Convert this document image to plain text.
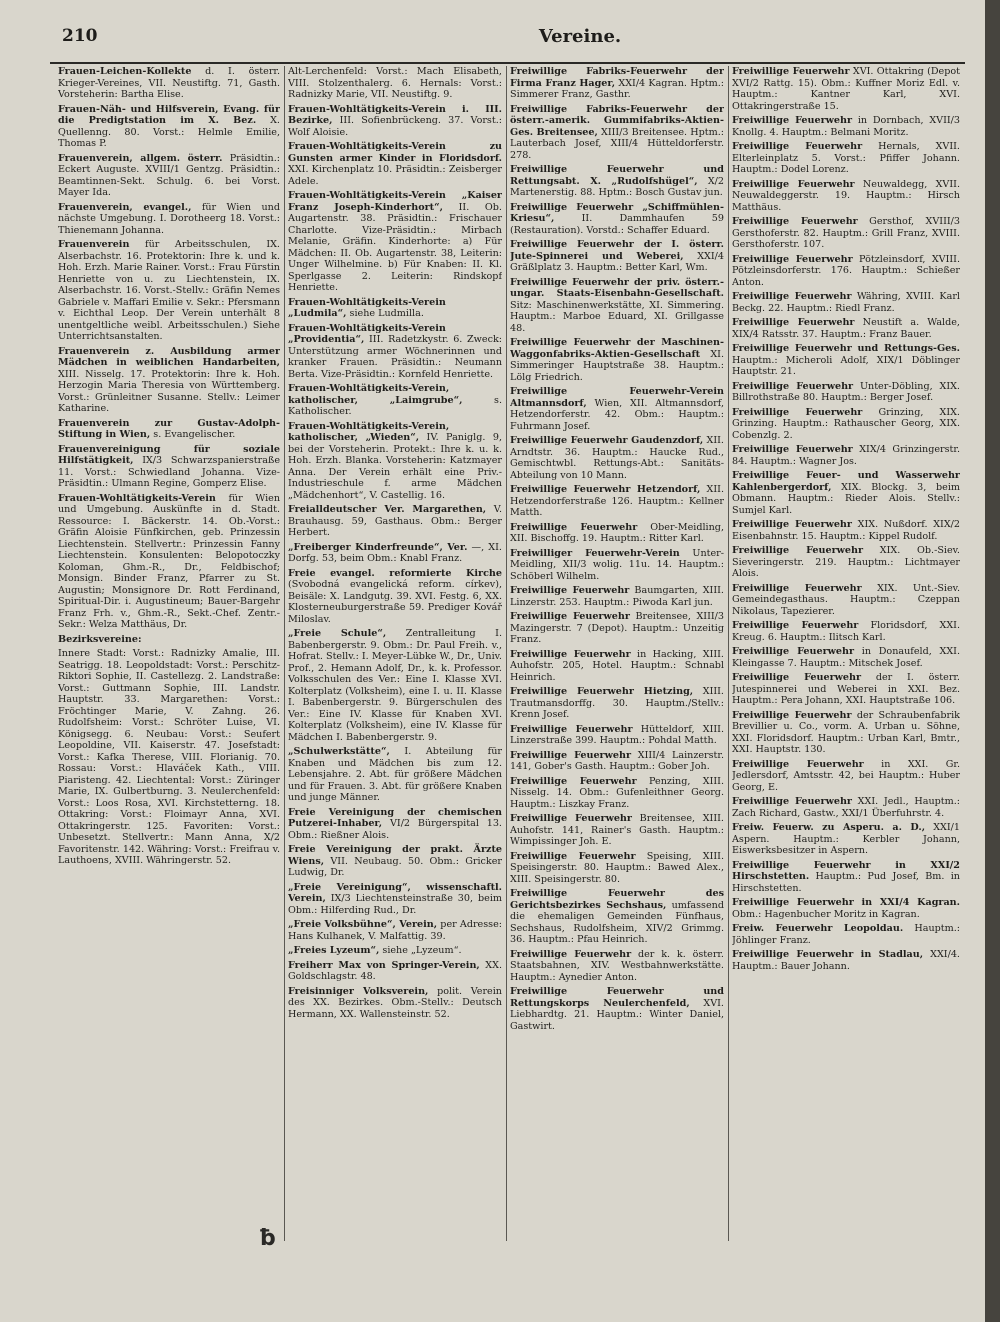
210	Vereine.

Frauen-Leichen-Kollekte d. I. österr. Krieger-Vereines, VII. Neustiftg. 71, Gasth. Vorsteherin: Bartha Elise.

Frauen-Näh- und Hilfsverein, Evang. für die Predigtstation im X. Bez. X. Quellenng. 80. Vorst.: Helmle Emilie, Thomas P.

Frauenverein, allgem. österr. Präsidtin.: Eckert Auguste. XVIII/1 Gentzg. Präsidtin.: Beamtinnen-Sekt. Schulg. 6. bei Vorst. Mayer Ida.

Frauenverein, evangel., für Wien und nächste Umgebung. I. Dorotheerg 18. Vorst.: Thienemann Johanna.

Frauenverein für Arbeitsschulen, IX. Alserbachstr. 16. Protektorin: Ihre k. und k. Hoh. Erzh. Marie Rainer. Vorst.: Frau Fürstin Henriette von u. zu Liechtenstein, IX. Alserbachstr. 16. Vorst.-Stellv.: Gräfin Nemes Gabriele v. Maffari Emilie v. Sekr.: Pfersmann v. Eichthal Leop. Der Verein unterhält 8 unentgeltliche weibl. Arbeitsschulen.) Siehe Unterrichtsanstalten.

Frauenverein z. Ausbildung armer Mädchen in weiblichen Handarbeiten, XIII. Nisselg. 17. Protektorin: Ihre k. Hoh. Herzogin Maria Theresia von Württemberg. Vorst.: Grünleitner Susanne. Stellv.: Leimer Katharine.

Frauenverein zur Gustav-Adolph-Stiftung in Wien, s. Evangelischer.

Frauenvereinigung für soziale Hilfstätigkeit, IX/3 Schwarzspanierstraße 11. Vorst.: Schwiedland Johanna. Vize-Präsidtin.: Ulmann Regine, Gomperz Elise.

Frauen-Wohltätigkeits-Verein für Wien und Umgebung. Auskünfte in d. Stadt. Ressource: I. Bäckerstr. 14. Ob.-Vorst.: Gräfin Aloisie Fünfkirchen, geb. Prinzessin Liechtenstein. Stellvertr.: Prinzessin Fanny Liechtenstein. Konsulenten: Belopotoczky Koloman, Ghm.-R., Dr., Feldbischof; Monsign. Binder Franz, Pfarrer zu St. Augustin; Monsignore Dr. Rott Ferdinand, Spiritual-Dir. i. Augustineum; Bauer-Bargehr Franz Frh. v., Ghm.-R., Sekt.-Chef. Zentr.-Sekr.: Welza Matthäus, Dr.

Bezirksvereine:

Innere Stadt: Vorst.: Radnizky Amalie, III. Seatrigg. 18. Leopoldstadt: Vorst.: Perschitz-Riktori Sophie, II. Castellezg. 2. Landstraße: Vorst.: Guttmann Sophie, III. Landstr. Hauptstr. 33. Margarethen: Vorst.: Fröchtinger Marie, V. Zahng. 26. Rudolfsheim: Vorst.: Schröter Luise, VI. Königsegg. 6. Neubau: Vorst.: Seufert Leopoldine, VII. Kaiserstr. 47. Josefstadt: Vorst.: Kafka Therese, VIII. Florianig. 70. Rossau: Vorst.: Hlaváček Kath., VIII. Piaristeng. 42. Liechtental: Vorst.: Züringer Marie, IX. Gulbertburng. 3. Neulerchenfeld: Vorst.: Loos Rosa, XVI. Kirchstetterng. 18. Ottakring: Vorst.: Floimayr Anna, XVI. Ottakringerstr. 125. Favoriten: Vorst.: Unbesetzt. Stellvertr.: Mann Anna, X/2 Favoritenstr. 142. Währing: Vorst.: Freifrau v. Lauthoens, XVIII. Währingerstr. 52.

Alt-Lerchenfeld: Vorst.: Mach Elisabeth, VIII. Stolzenthalerg. 6. Hernals: Vorst.: Radnizky Marie, VII. Neustiftg. 9.

Frauen-Wohltätigkeits-Verein i. III. Bezirke, III. Sofienbrückeng. 37. Vorst.: Wolf Aloisie.

Frauen-Wohltätigkeits-Verein zu Gunsten armer Kinder in Floridsdorf. XXI. Kirchenplatz 10. Präsidtin.: Zeisberger Adele.

Frauen-Wohltätigkeits-Verein „Kaiser Franz Joseph-Kinderhort“, II. Ob. Augartenstr. 38. Präsidtin.: Frischauer Charlotte. Vize-Präsidtin.: Mirbach Melanie, Gräfin. Kinderhorte: a) Für Mädchen: II. Ob. Augartenstr. 38, Leiterin: Unger Wilhelmine. b) Für Knaben: II. Kl. Sperlgasse 2. Leiterin: Rindskopf Henriette.

Frauen-Wohltätigkeits-Verein „Ludmila“, siehe Ludmilla.

Frauen-Wohltätigkeits-Verein „Providentia“, III. Radetzkystr. 6. Zweck: Unterstützung armer Wöchnerinnen und kranker Frauen. Präsidtin.: Neumann Berta. Vize-Präsidtin.: Kornfeld Henriette.

Frauen-Wohltätigkeits-Verein, katholischer, „Laimgrube“,	s. Katholischer.

Frauen-Wohltätigkeits-Verein, katholischer, „Wieden“, IV. Paniglg. 9, bei der Vorsteherin. Protekt.: Ihre k. u. k. Hoh. Erzh. Blanka. Vorsteherin: Katzmayer Anna. Der Verein erhält eine Priv.-Industrieschule f. arme Mädchen „Mädchenhort“, V. Castellig. 16.

Freialldeutscher Ver. Margarethen, V. Brauhausg. 59, Gasthaus. Obm.: Berger Herbert.

„Freiberger Kinderfreunde“, Ver. —, XI. Dorfg. 53, beim Obm.: Knabl Franz.

Freie evangel. reformierte Kirche (Svobodná evangelická reform. církev), Beisäle: X. Landgutg. 39. XVI. Festg. 6, XX. Klosterneuburgerstraße 59. Prediger Kovář Miloslav.

„Freie Schule“, Zentralleitung I. Babenbergerstr. 9. Obm.: Dr. Paul Freih. v., Hofrat. Stellv.: I. Meyer-Lübke W., Dr., Univ. Prof., 2. Hemann Adolf, Dr., k. k. Professor. Volksschulen des Ver.: Eine I. Klasse XVI. Kolterplatz (Volksheim), eine I. u. II. Klasse I. Babenbergerstr. 9. Bürgerschulen des Ver.: Eine IV. Klasse für Knaben XVI. Kolterplatz (Volksheim), eine IV. Klasse für Mädchen I. Babenbergerstr. 9.

„Schulwerkstätte“, I. Abteilung für Knaben und Mädchen bis zum 12. Lebensjahre. 2. Abt. für größere Mädchen und für Frauen. 3. Abt. für größere Knaben und junge Männer.

Freie Vereinigung der chemischen Putzerei-Inhaber, VI/2 Bürgerspital 13. Obm.: Rießner Alois.

Freie Vereinigung der prakt. Ärzte Wiens, VII. Neubaug. 50. Obm.: Gricker Ludwig, Dr.

„Freie Vereinigung“, wissenschaftl. Verein, IX/3 Liechtensteinstraße 30, beim Obm.: Hilferding Rud., Dr.

„Freie Volksbühne“, Verein, per Adresse: Hans Kulhanek, V. Malfattig. 39.

„Freies Lyzeum“, siehe „Lyzeum“.

Freiherr Max von Springer-Verein, XX. Goldschlagstr. 48.

Freisinniger Volksverein, polit. Verein des XX. Bezirkes. Obm.-Stellv.: Deutsch Hermann, XX. Wallensteinstr. 52.

Freiwillige Fabriks-Feuerwehr der Firma Franz Hager, XXI/4 Kagran. Hptm.: Simmerer Franz, Gasthr.

Freiwillige Fabriks-Feuerwehr der österr.-amerik. Gummifabriks-Aktien-Ges. Breitensee, XIII/3 Breitensee. Hptm.: Lauterbach Josef, XIII/4 Hütteldorferstr. 278.

Freiwillige Feuerwehr und Rettungsabt. X. „Rudolfshügel“, X/2 Martenerstig. 88. Hptm.: Bosch Gustav jun.

Freiwillige Feuerwehr „Schiffmühlen-Kriesu“,	II. Dammhaufen 59 (Restauration). Vorstd.: Schaffer Eduard.

Freiwillige Feuerwehr der I. österr. Jute-Spinnerei und Weberei, XXI/4 Gräßlplatz 3. Hauptm.: Better Karl, Wm.

Freiwillige Feuerwehr der priv. österr.-ungar. Staats-Eisenbahn-Gesellschaft. Sitz: Maschinenwerkstätte, XI. Simmering. Hauptm.: Marboe Eduard, XI. Grillgasse 48.

Freiwillige Feuerwehr der Maschinen-Waggonfabriks-Aktien-Gesellschaft XI. Simmeringer Hauptstraße 38. Hauptm.: Lölg Friedrich.

Freiwillige Feuerwehr-Verein Altmannsdorf, Wien, XII. Altmannsdorf, Hetzendorferstr. 42. Obm.: Hauptm.: Fuhrmann Josef.

Freiwillige Feuerwehr Gaudenzdorf, XII. Arndtstr. 36. Hauptm.: Haucke Rud., Gemischtwbl. Rettungs-Abt.: Sanitäts-Abteilung von 10 Mann.

Freiwillige Feuerwehr Hetzendorf, XII. Hetzendorferstraße 126. Hauptm.: Kellner Matth.

Freiwillige Feuerwehr Ober-Meidling, XII. Bischoffg. 19. Hauptm.: Ritter Karl.

Freiwilliger Feuerwehr-Verein Unter-Meidling, XII/3 wolig. 11u. 14. Hauptm.: Schöberl Wilhelm.

Freiwillige Feuerwehr Baumgarten, XIII. Linzerstr. 253. Hauptm.: Piwoda Karl jun.

Freiwillige Feuerwehr Breitensee, XIII/3 Mazingerstr. 7 (Depot). Hauptm.: Unzeitig Franz.

Freiwillige Feuerwehr in Hacking, XIII. Auhofstr. 205, Hotel. Hauptm.: Schnabl Heinrich.

Freiwillige Feuerwehr Hietzing, XIII. Trautmansdorffg. 30. Hauptm./Stellv.: Krenn Josef.

Freiwillige Feuerwehr Hütteldorf, XIII. Linzerstraße 399. Hauptm.: Pohdal Matth.

Freiwillige Feuerwehr XIII/4 Lainzerstr. 141, Gober's Gasth. Hauptm.: Gober Joh.

Freiwillige Feuerwehr Penzing, XIII. Nisselg. 14. Obm.: Gufenleithner Georg. Hauptm.: Liszkay Franz.

Freiwillige Feuerwehr Breitensee, XIII. Auhofstr. 141, Rainer's Gasth. Hauptm.: Wimpissinger Joh. E.

Freiwillige Feuerwehr Speising, XIII. Speisingerstr. 80. Hauptm.: Bawed Alex., XIII. Speisingerstr. 80.

Freiwillige Feuerwehr des Gerichtsbezirkes Sechshaus, umfassend die ehemaligen Gemeinden Fünfhaus, Sechshaus, Rudolfsheim, XIV/2 Grimmg. 36. Hauptm.: Pfau Heinrich.

Freiwillige Feuerwehr der k. k. österr. Staatsbahnen, XIV. Westbahnwerkstätte. Hauptm.: Aynedier Anton.

Freiwillige Feuerwehr und Rettungskorps Neulerchenfeld, XVI. Liebhardtg. 21. Hauptm.: Winter Daniel, Gastwirt.

Freiwillige Feuerwehr XVI. Ottakring (Depot XVI/2 Rattg. 15). Obm.: Kuffner Moriz Edl. v. Hauptm.: Kantner Karl, XVI. Ottakringerstraße 15.

Freiwillige Feuerwehr in Dornbach, XVII/3 Knollg. 4. Hauptm.: Belmani Moritz.

Freiwillige Feuerwehr Hernals, XVII. Elterleinplatz 5. Vorst.: Pfiffer Johann. Hauptm.: Dodel Lorenz.

Freiwillige Feuerwehr Neuwaldegg, XVII. Neuwaldeggerstr. 19. Hauptm.: Hirsch Matthäus.

Freiwillige Feuerwehr Gersthof, XVIII/3 Gersthoferstr. 82. Hauptm.: Grill Franz, XVIII. Gersthoferstr. 107.

Freiwillige Feuerwehr Pötzleinsdorf, XVIII. Pötzleinsdorferstr. 176. Hauptm.: Schießer Anton.

Freiwillige Feuerwehr Währing, XVIII. Karl Beckg. 22. Hauptm.: Riedl Franz.

Freiwillige Feuerwehr Neustift a. Walde, XIX/4 Ratsstr. 37. Hauptm.: Franz Bauer.

Freiwillige Feuerwehr und Rettungs-Ges. Hauptm.: Micheroli Adolf, XIX/1 Döblinger Hauptstr. 21.

Freiwillige Feuerwehr Unter-Döbling, XIX. Billrothstraße 80. Hauptm.: Berger Josef.

Freiwillige Feuerwehr Grinzing, XIX. Grinzing. Hauptm.: Rathauscher Georg, XIX. Cobenzlg. 2.

Freiwillige Feuerwehr XIX/4 Grinzingerstr. 84. Hauptm.: Wagner Jos.

Freiwillige Feuer- und Wasserwehr Kahlenbergerdorf, XIX. Blockg. 3, beim Obmann. Hauptm.: Rieder Alois. Stellv.: Sumjel Karl.

Freiwillige Feuerwehr XIX. Nußdorf. XIX/2 Eisenbahnstr. 15. Hauptm.: Kippel Rudolf.

Freiwillige Feuerwehr XIX. Ob.-Siev. Sieveringerstr. 219. Hauptm.: Lichtmayer Alois.

Freiwillige Feuerwehr XIX. Unt.-Siev. Gemeindegasthaus. Hauptm.: Czeppan Nikolaus, Tapezierer.

Freiwillige Feuerwehr Floridsdorf, XXI. Kreug. 6. Hauptm.: Ilitsch Karl.

Freiwillige Feuerwehr in Donaufeld, XXI. Kleingasse 7. Hauptm.: Mitschek Josef.

Freiwillige Feuerwehr der I. österr. Jutespinnerei und Weberei in XXI. Bez. Hauptm.: Pera Johann, XXI. Hauptstraße 106.

Freiwillige Feuerwehr der Schraubenfabrik Brevillier u. Co., vorm. A. Urban u. Söhne, XXI. Floridsdorf. Hauptm.: Urban Karl, Bmtr., XXI. Hauptstr. 130.

Freiwillige Feuerwehr in XXI. Gr. Jedlersdorf, Amtsstr. 42, bei Hauptm.: Huber Georg, E.

Freiwillige Feuerwehr XXI. Jedl., Hauptm.: Zach Richard, Gastw., XXI/1 Überfuhrstr. 4.

Freiw. Feuerw. zu Asperu. a. D., XXI/1 Aspern. Hauptm.: Kerbler Johann, Eiswerksbesitzer in Aspern.

Freiwillige Feuerwehr in XXI/2 Hirschstetten. Hauptm.: Pud Josef, Bm. in Hirschstetten.

Freiwillige Feuerwehr in XXI/4 Kagran. Obm.: Hagenbucher Moritz in Kagran.

Freiw. Feuerwehr Leopoldau. Hauptm.: Jöhlinger Franz.

Freiwillige Feuerwehr in Stadlau, XXI/4. Hauptm.: Bauer Johann.

ƀ
